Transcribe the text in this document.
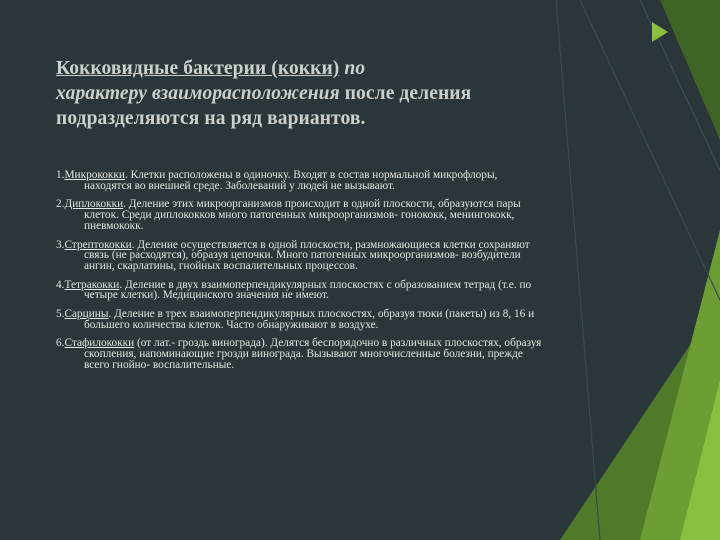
Кокковидные бактерии (кокки) по
характеру взаиморасположения после деления подразделяются на ряд вариантов.
1.Микрококки. Клетки расположены в одиночку. Входят в состав нормальной микрофлоры, находятся во внешней среде. Заболеваний у людей не вызывают.
2.Диплококки. Деление этих микроорганизмов происходит в одной плоскости, образуются пары клеток. Среди диплококков много патогенных микроорганизмов- гонококк, менингококк, пневмококк.
3.Стрептококки. Деление осуществляется в одной плоскости, размножающиеся клетки сохраняют связь (не расходятся), образуя цепочки. Много патогенных микроорганизмов- возбудители ангин, скарлатины, гнойных воспалительных процессов.
4.Тетракокки. Деление в двух взаимоперпендикулярных плоскостях с образованием тетрад (т.е. по четыре клетки). Медицинского значения не имеют.
5.Сарцины. Деление в трех взаимоперпендикулярных плоскостях, образуя тюки (пакеты) из 8, 16 и большего количества клеток. Часто обнаруживают в воздухе.
6.Стафилококки (от лат.- гроздь винограда). Делятся беспорядочно в различных плоскостях, образуя скопления, напоминающие грозди винограда. Вызывают многочисленные болезни, прежде всего гнойно- воспалительные.
